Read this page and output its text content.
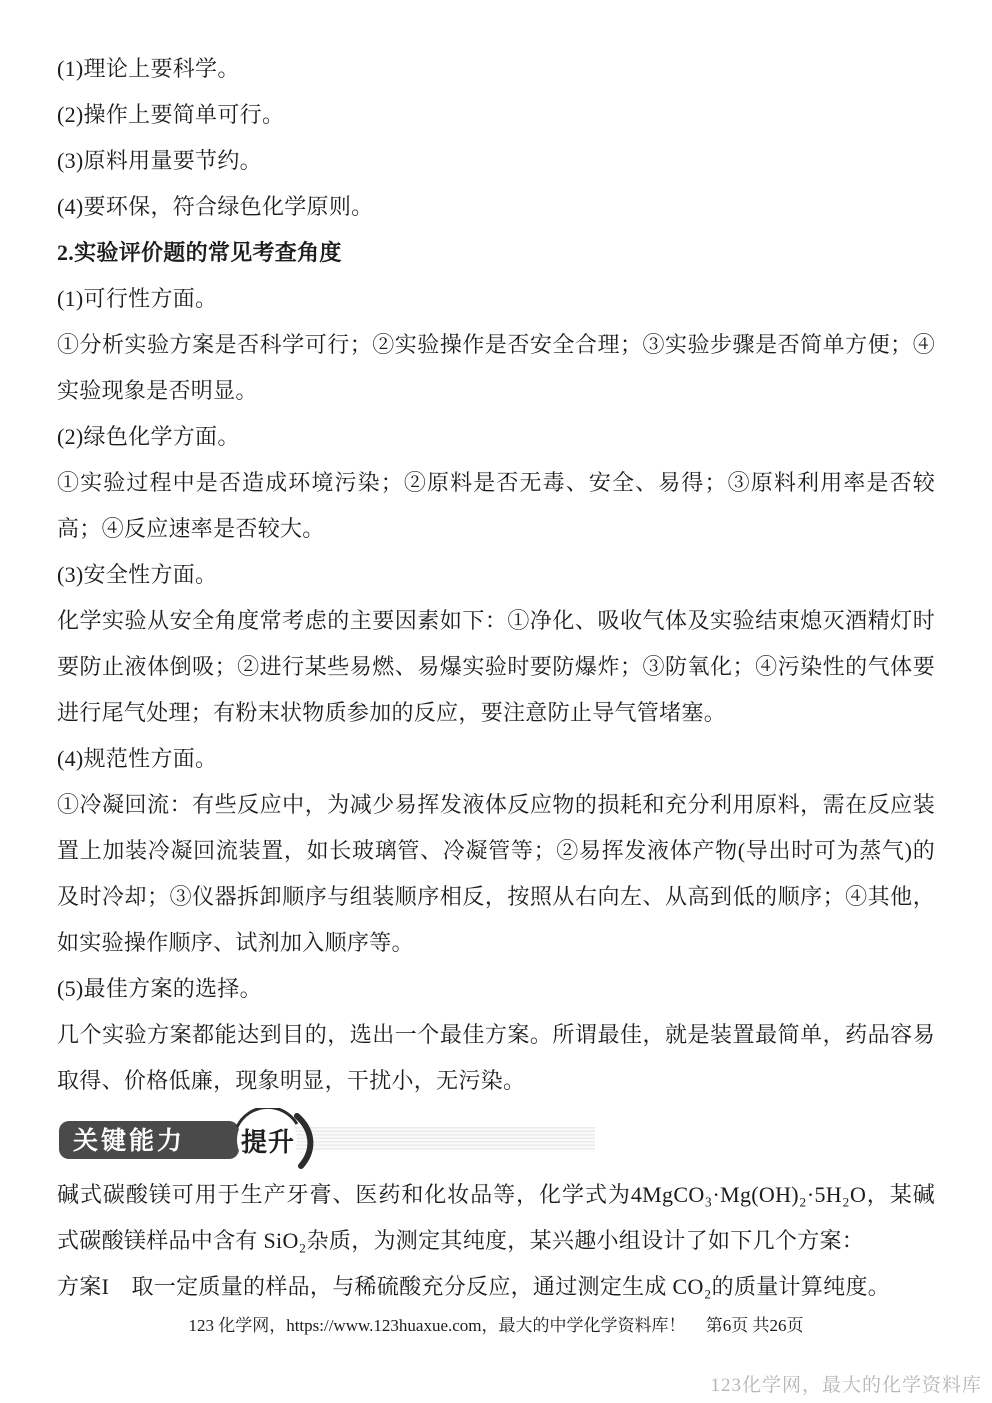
(1)理论上要科学。

(2)操作上要简单可行。

(3)原料用量要节约。

(4)要环保，符合绿色化学原则。

2.实验评价题的常见考查角度

(1)可行性方面。

①分析实验方案是否科学可行；②实验操作是否安全合理；③实验步骤是否简单方便；④实验现象是否明显。

(2)绿色化学方面。

①实验过程中是否造成环境污染；②原料是否无毒、安全、易得；③原料利用率是否较高；④反应速率是否较大。

(3)安全性方面。

化学实验从安全角度常考虑的主要因素如下：①净化、吸收气体及实验结束熄灭酒精灯时要防止液体倒吸；②进行某些易燃、易爆实验时要防爆炸；③防氧化；④污染性的气体要进行尾气处理；有粉末状物质参加的反应，要注意防止导气管堵塞。

(4)规范性方面。

①冷凝回流：有些反应中，为减少易挥发液体反应物的损耗和充分利用原料，需在反应装置上加装冷凝回流装置，如长玻璃管、冷凝管等；②易挥发液体产物(导出时可为蒸气)的及时冷却；③仪器拆卸顺序与组装顺序相反，按照从右向左、从高到低的顺序；④其他，如实验操作顺序、试剂加入顺序等。

(5)最佳方案的选择。

几个实验方案都能达到目的，选出一个最佳方案。所谓最佳，就是装置最简单，药品容易取得、价格低廉，现象明显，干扰小，无污染。

关键能力 提升

碱式碳酸镁可用于生产牙膏、医药和化妆品等，化学式为4MgCO₃·Mg(OH)₂·5H₂O，某碱式碳酸镁样品中含有 SiO₂杂质，为测定其纯度，某兴趣小组设计了如下几个方案：

方案I　取一定质量的样品，与稀硫酸充分反应，通过测定生成 CO₂的质量计算纯度。

123 化学网，https://www.123huaxue.com，最大的中学化学资料库！ 第6页 共26页
123化学网，最大的化学资料库
